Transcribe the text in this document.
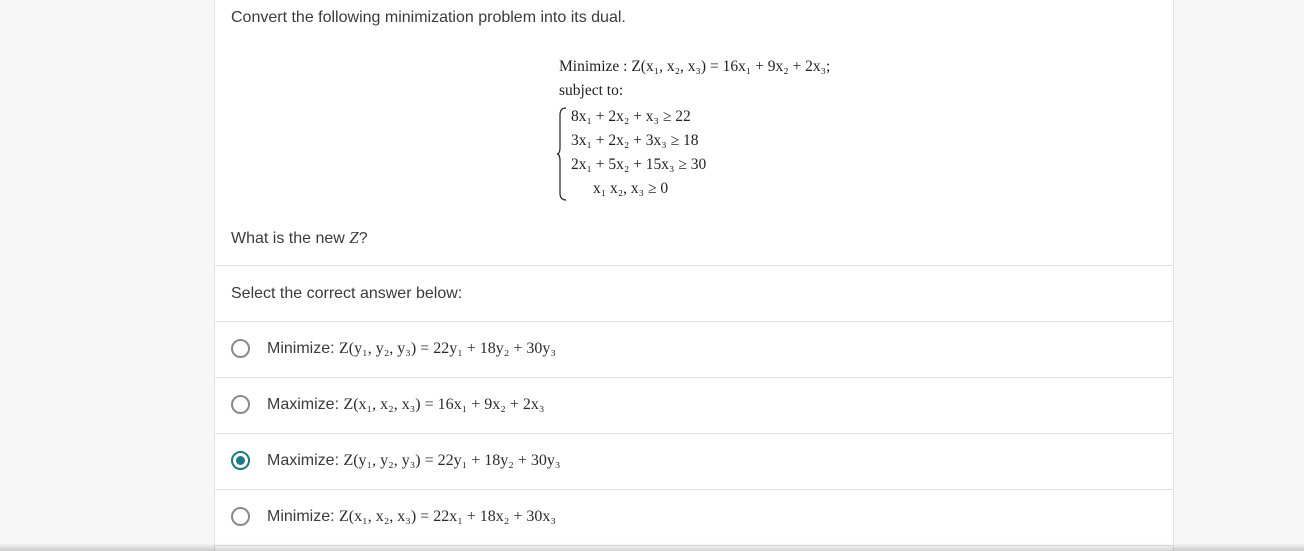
Convert the following minimization problem into its dual.
Minimize : Z(x₁, x₂, x₃) = 16x₁ + 9x₂ + 2x₃;
subject to:
8x₁ + 2x₂ + x₃ ≥ 22
3x₁ + 2x₂ + 3x₃ ≥ 18
2x₁ + 5x₂ + 15x₃ ≥ 30
x₁ x₂, x₃ ≥ 0
What is the new Z?
Select the correct answer below:
Minimize: Z(y₁, y₂, y₃) = 22y₁ + 18y₂ + 30y₃
Maximize: Z(x₁, x₂, x₃) = 16x₁ + 9x₂ + 2x₃
Maximize: Z(y₁, y₂, y₃) = 22y₁ + 18y₂ + 30y₃
Minimize: Z(x₁, x₂, x₃) = 22x₁ + 18x₂ + 30x₃
